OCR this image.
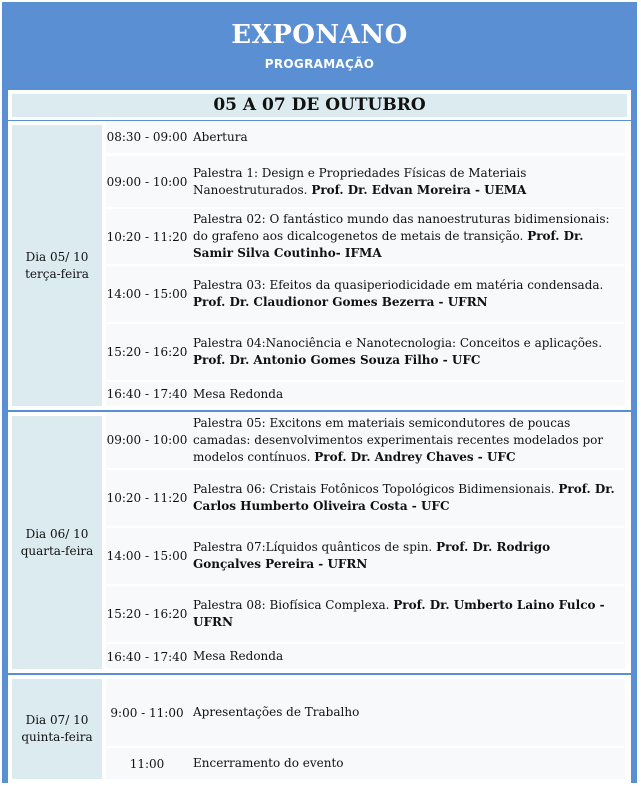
EXPONANO
PROGRAMAÇÃO
05 A 07 DE OUTUBRO
Dia 05/ 10
terça-feira
08:30 - 09:00 Abertura
09:00 - 10:00
Palestra 1: Design e Propriedades Físicas de Materiais Nanoestruturados. Prof. Dr. Edvan Moreira - UEMA
10:20 - 11:20
Palestra 02: O fantástico mundo das nanoestruturas bidimensionais: do grafeno aos dicalcogenetos de metais de transição. Prof. Dr. Samir Silva Coutinho- IFMA
14:00 - 15:00
Palestra 03: Efeitos da quasiperiodicidade em matéria condensada. Prof. Dr. Claudionor Gomes Bezerra - UFRN
15:20 - 16:20
Palestra 04:Nanociência e Nanotecnologia: Conceitos e aplicações. Prof. Dr. Antonio Gomes Souza Filho - UFC
16:40 - 17:40 Mesa Redonda
Dia 06/ 10
quarta-feira
09:00 - 10:00
Palestra 05: Excitons em materiais semicondutores de poucas camadas: desenvolvimentos experimentais recentes modelados por modelos contínuos. Prof. Dr. Andrey Chaves - UFC
10:20 - 11:20
Palestra 06: Cristais Fotônicos Topológicos Bidimensionais. Prof. Dr. Carlos Humberto Oliveira Costa - UFC
14:00 - 15:00
Palestra 07:Líquidos quânticos de spin. Prof. Dr. Rodrigo Gonçalves Pereira - UFRN
15:20 - 16:20
Palestra 08: Biofísica Complexa. Prof. Dr. Umberto Laino Fulco - UFRN
16:40 - 17:40 Mesa Redonda
Dia 07/ 10
quinta-feira
9:00 - 11:00 Apresentações de Trabalho
11:00	Encerramento do evento
